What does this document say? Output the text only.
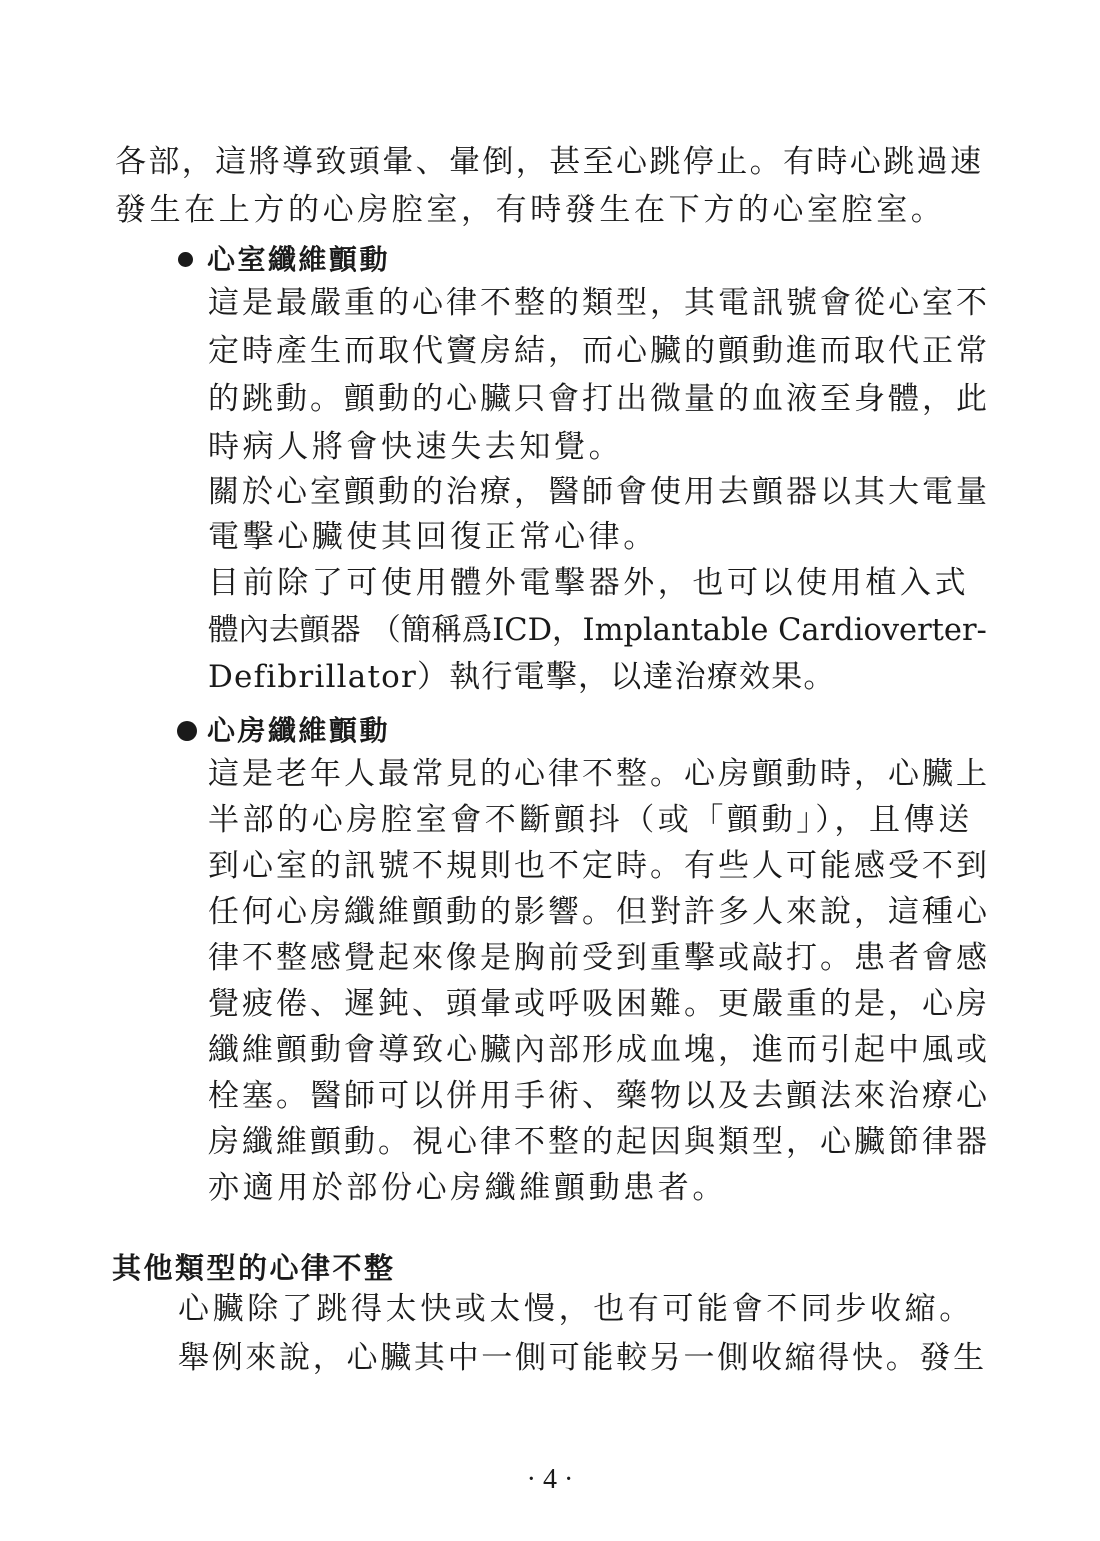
各部，這將導致頭暈、暈倒，甚至心跳停止。有時心跳過速
發生在上方的心房腔室，有時發生在下方的心室腔室。
心室纖維顫動
這是最嚴重的心律不整的類型，其電訊號會從心室不
定時產生而取代竇房結，而心臟的顫動進而取代正常
的跳動。顫動的心臟只會打出微量的血液至身體，此
時病人將會快速失去知覺。
關於心室顫動的治療，醫師會使用去顫器以其大電量
電擊心臟使其回復正常心律。
目前除了可使用體外電擊器外，也可以使用植入式
體內去顫器 （簡稱爲ICD，Implantable Cardioverter-
Defibrillator）執行電擊，以達治療效果。
心房纖維顫動
這是老年人最常見的心律不整。心房顫動時，心臟上
半部的心房腔室會不斷顫抖（或「顫動」），且傳送
到心室的訊號不規則也不定時。有些人可能感受不到
任何心房纖維顫動的影響。但對許多人來說，這種心
律不整感覺起來像是胸前受到重擊或敲打。患者會感
覺疲倦、遲鈍、頭暈或呼吸困難。更嚴重的是，心房
纖維顫動會導致心臟內部形成血塊，進而引起中風或
栓塞。醫師可以併用手術、藥物以及去顫法來治療心
房纖維顫動。視心律不整的起因與類型，心臟節律器
亦適用於部份心房纖維顫動患者。
其他類型的心律不整
心臟除了跳得太快或太慢，也有可能會不同步收縮。
舉例來說，心臟其中一側可能較另一側收縮得快。發生
· 4 ·
